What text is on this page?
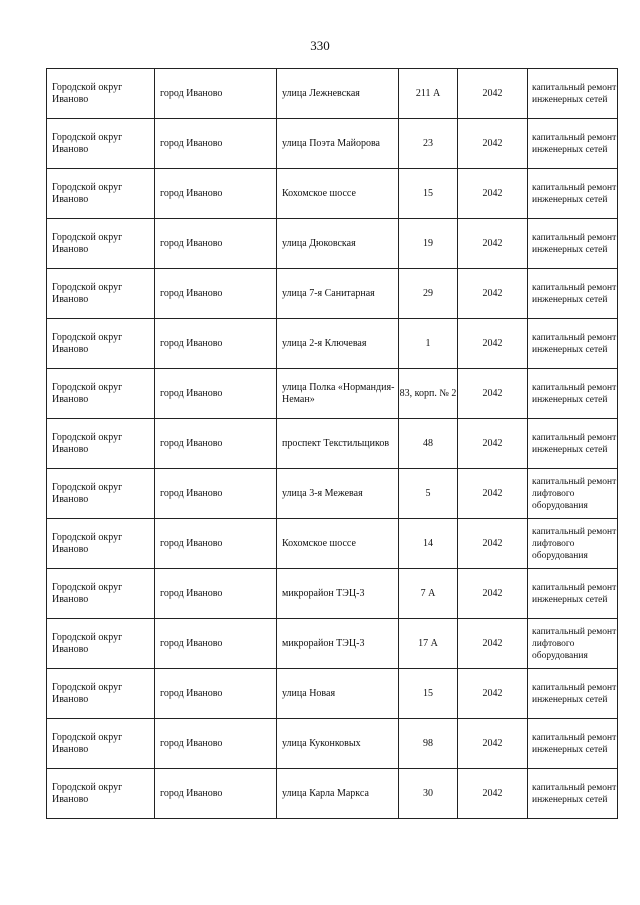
330
Городской округ Иваново	город Иваново	улица Лежневская	211 А	2042	капитальный ремонт инженерных сетей
Городской округ Иваново	город Иваново	улица Поэта Майорова	23	2042	капитальный ремонт инженерных сетей
Городской округ Иваново	город Иваново	Кохомское шоссе	15	2042	капитальный ремонт инженерных сетей
Городской округ Иваново	город Иваново	улица Дюковская	19	2042	капитальный ремонт инженерных сетей
Городской округ Иваново	город Иваново	улица 7-я Санитарная	29	2042	капитальный ремонт инженерных сетей
Городской округ Иваново	город Иваново	улица 2-я Ключевая	1	2042	капитальный ремонт инженерных сетей
Городской округ Иваново	город Иваново	улица Полка «Нормандия-Неман»	83, корп. № 2	2042	капитальный ремонт инженерных сетей
Городской округ Иваново	город Иваново	проспект Текстильщиков	48	2042	капитальный ремонт инженерных сетей
Городской округ Иваново	город Иваново	улица 3-я Межевая	5	2042	капитальный ремонт лифтового оборудования
Городской округ Иваново	город Иваново	Кохомское шоссе	14	2042	капитальный ремонт лифтового оборудования
Городской округ Иваново	город Иваново	микрорайон ТЭЦ-3	7 А	2042	капитальный ремонт инженерных сетей
Городской округ Иваново	город Иваново	микрорайон ТЭЦ-3	17 А	2042	капитальный ремонт лифтового оборудования
Городской округ Иваново	город Иваново	улица Новая	15	2042	капитальный ремонт инженерных сетей
Городской округ Иваново	город Иваново	улица Куконковых	98	2042	капитальный ремонт инженерных сетей
Городской округ Иваново	город Иваново	улица Карла Маркса	30	2042	капитальный ремонт инженерных сетей
